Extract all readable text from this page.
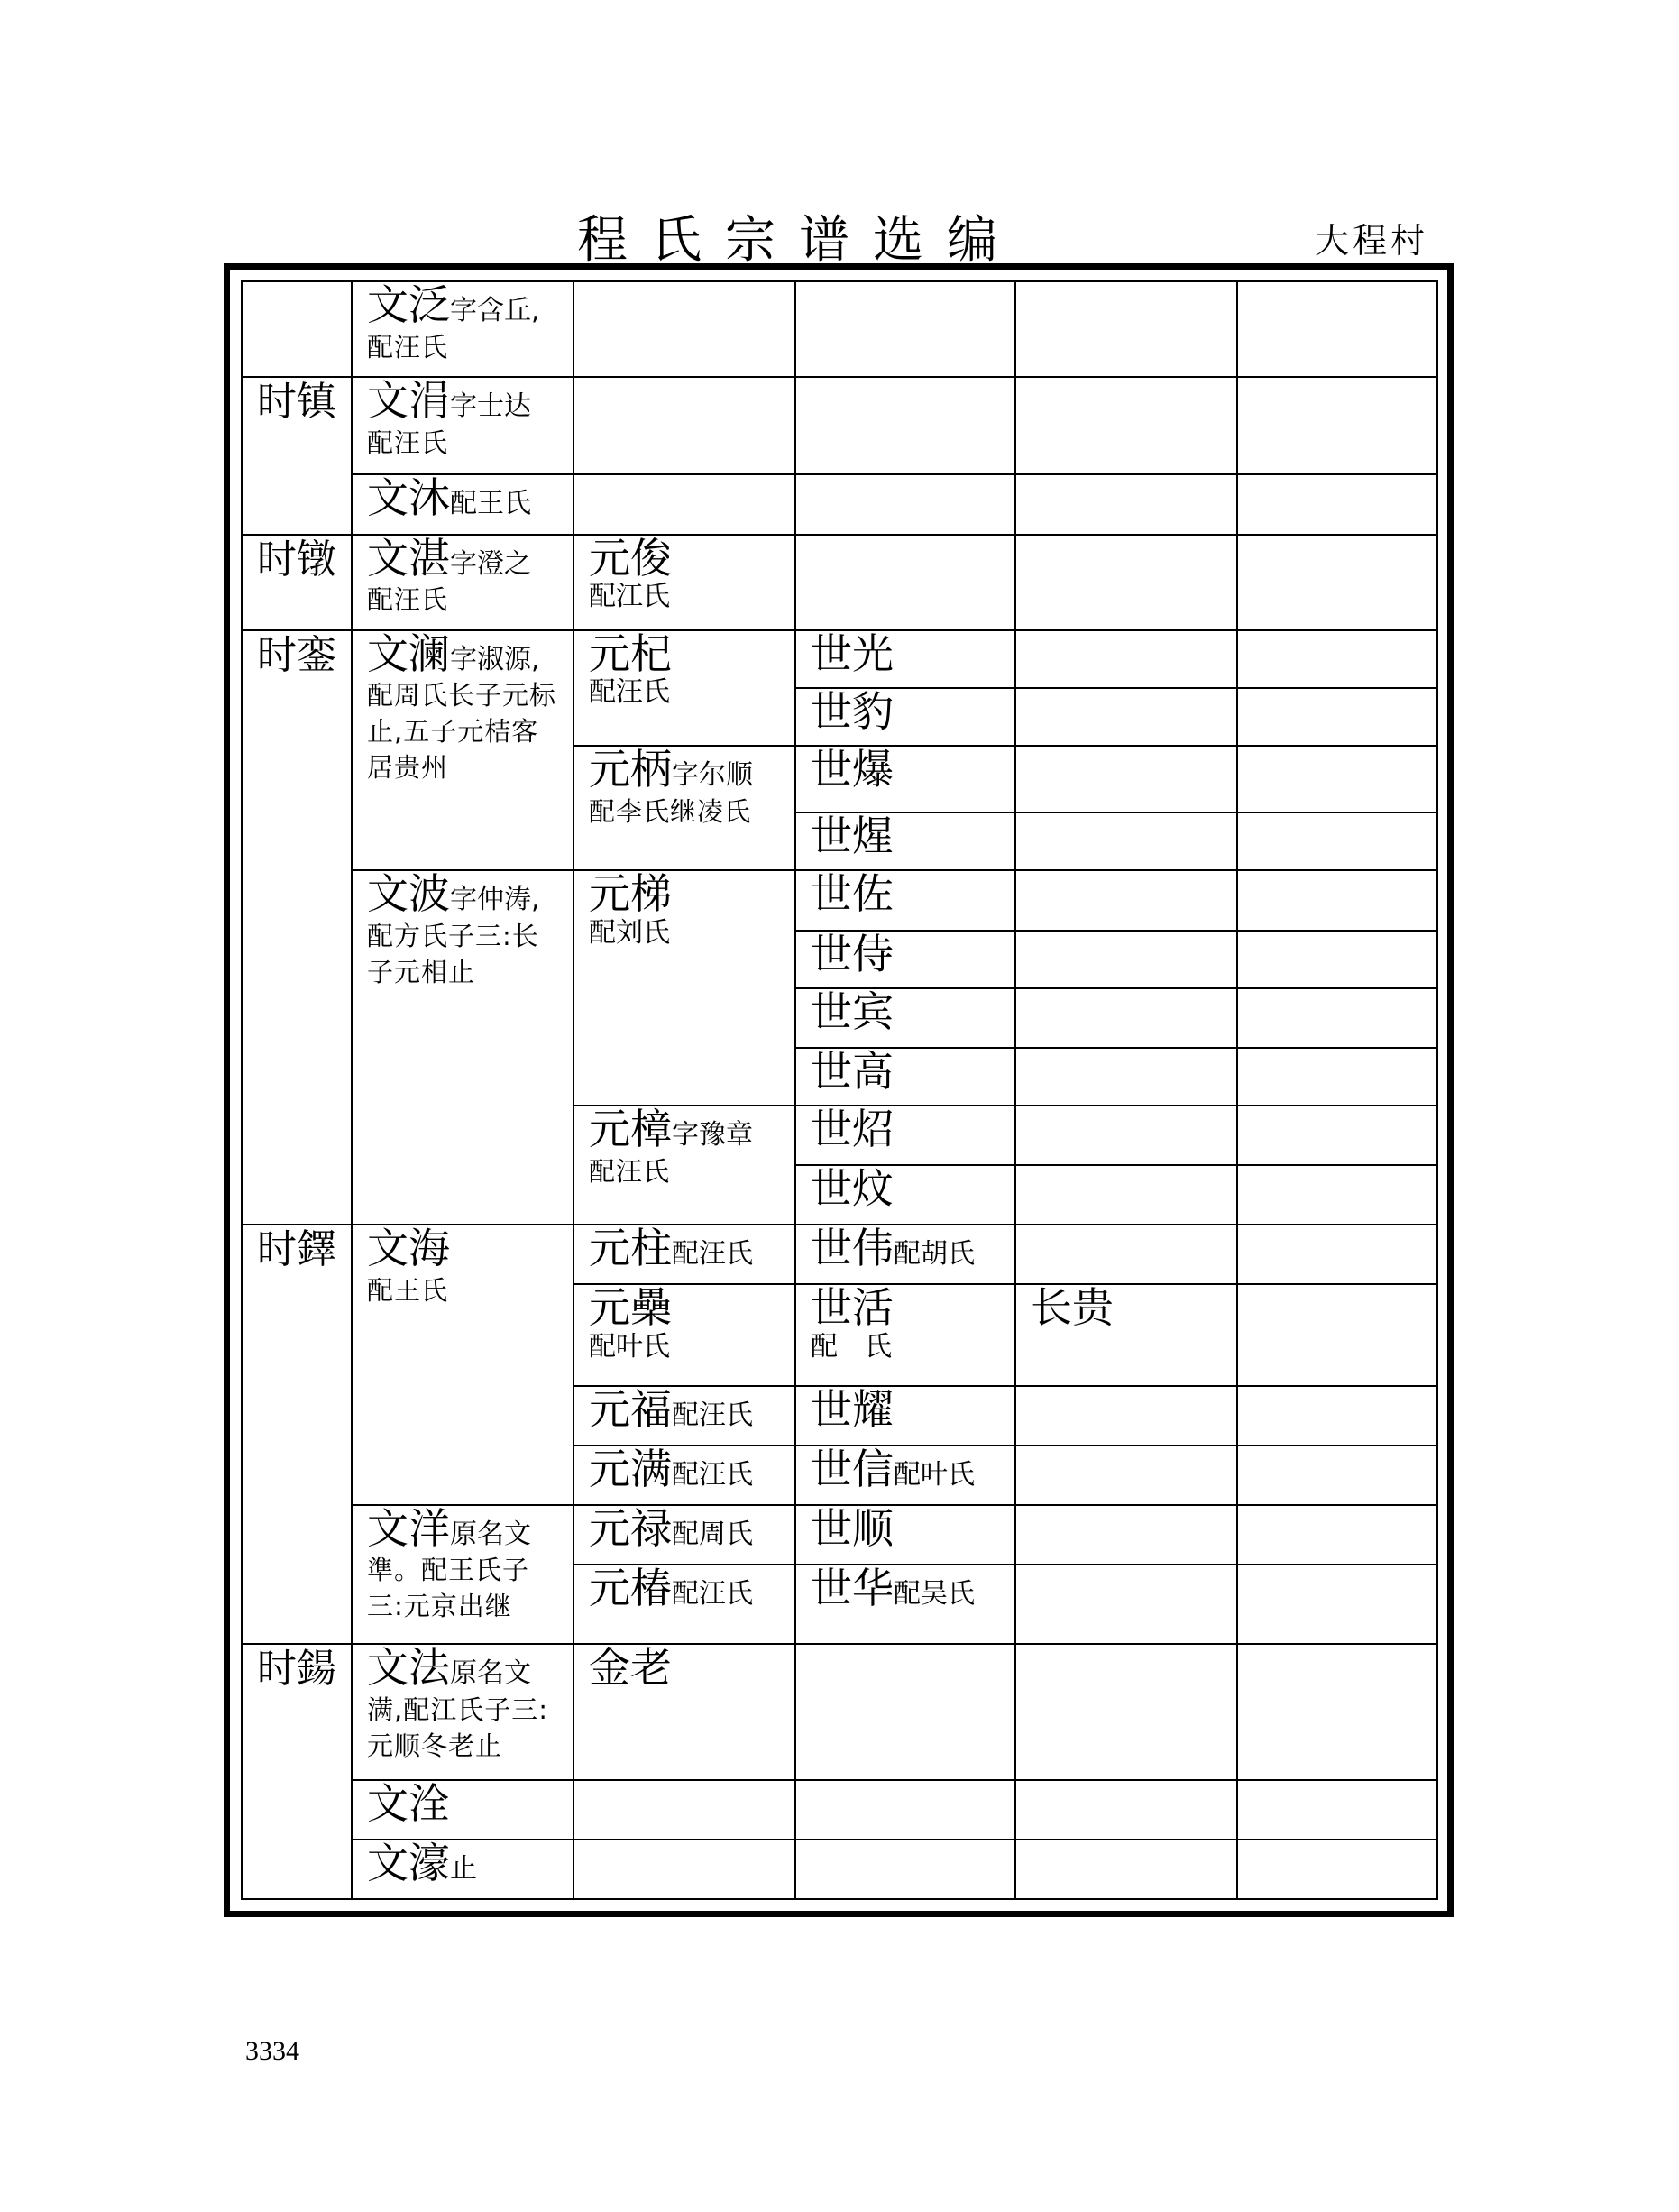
程氏宗谱选编	大程村
	文泛字含丘,
配汪氏				

时镇	文涓字士达
配汪氏				

	文沐配王氏				

时镦	文湛字澄之
配汪氏	元俊
配江氏			

时銮	文澜字淑源,
配周氏长子元标止,五子元桔客居贵州	元杞
配汪氏	世光		
			世豹		
		元柄字尔顺
配李氏继凌氏	世爆		
			世煋		
	文波字仲涛,
配方氏子三:长子元相止	元梯
配刘氏	世佐		
			世侍		
			世宾		
			世高		
		元樟字豫章
配汪氏	世炤		
			世炆		

时鐸	文海
配王氏	元柱配汪氏	世伟配胡氏		
		元櫐
配叶氏	世活
配　氏	长贵	
		元福配汪氏	世耀		
		元满配汪氏	世信配叶氏		
	文洋原名文
準。配王氏子三:元京出继	元禄配周氏	世顺		
		元椿配汪氏	世华配吴氏		

时鍚	文法原名文
满,配江氏子三:元顺冬老止	金老			
	文洤				
	文濠止				
3334
